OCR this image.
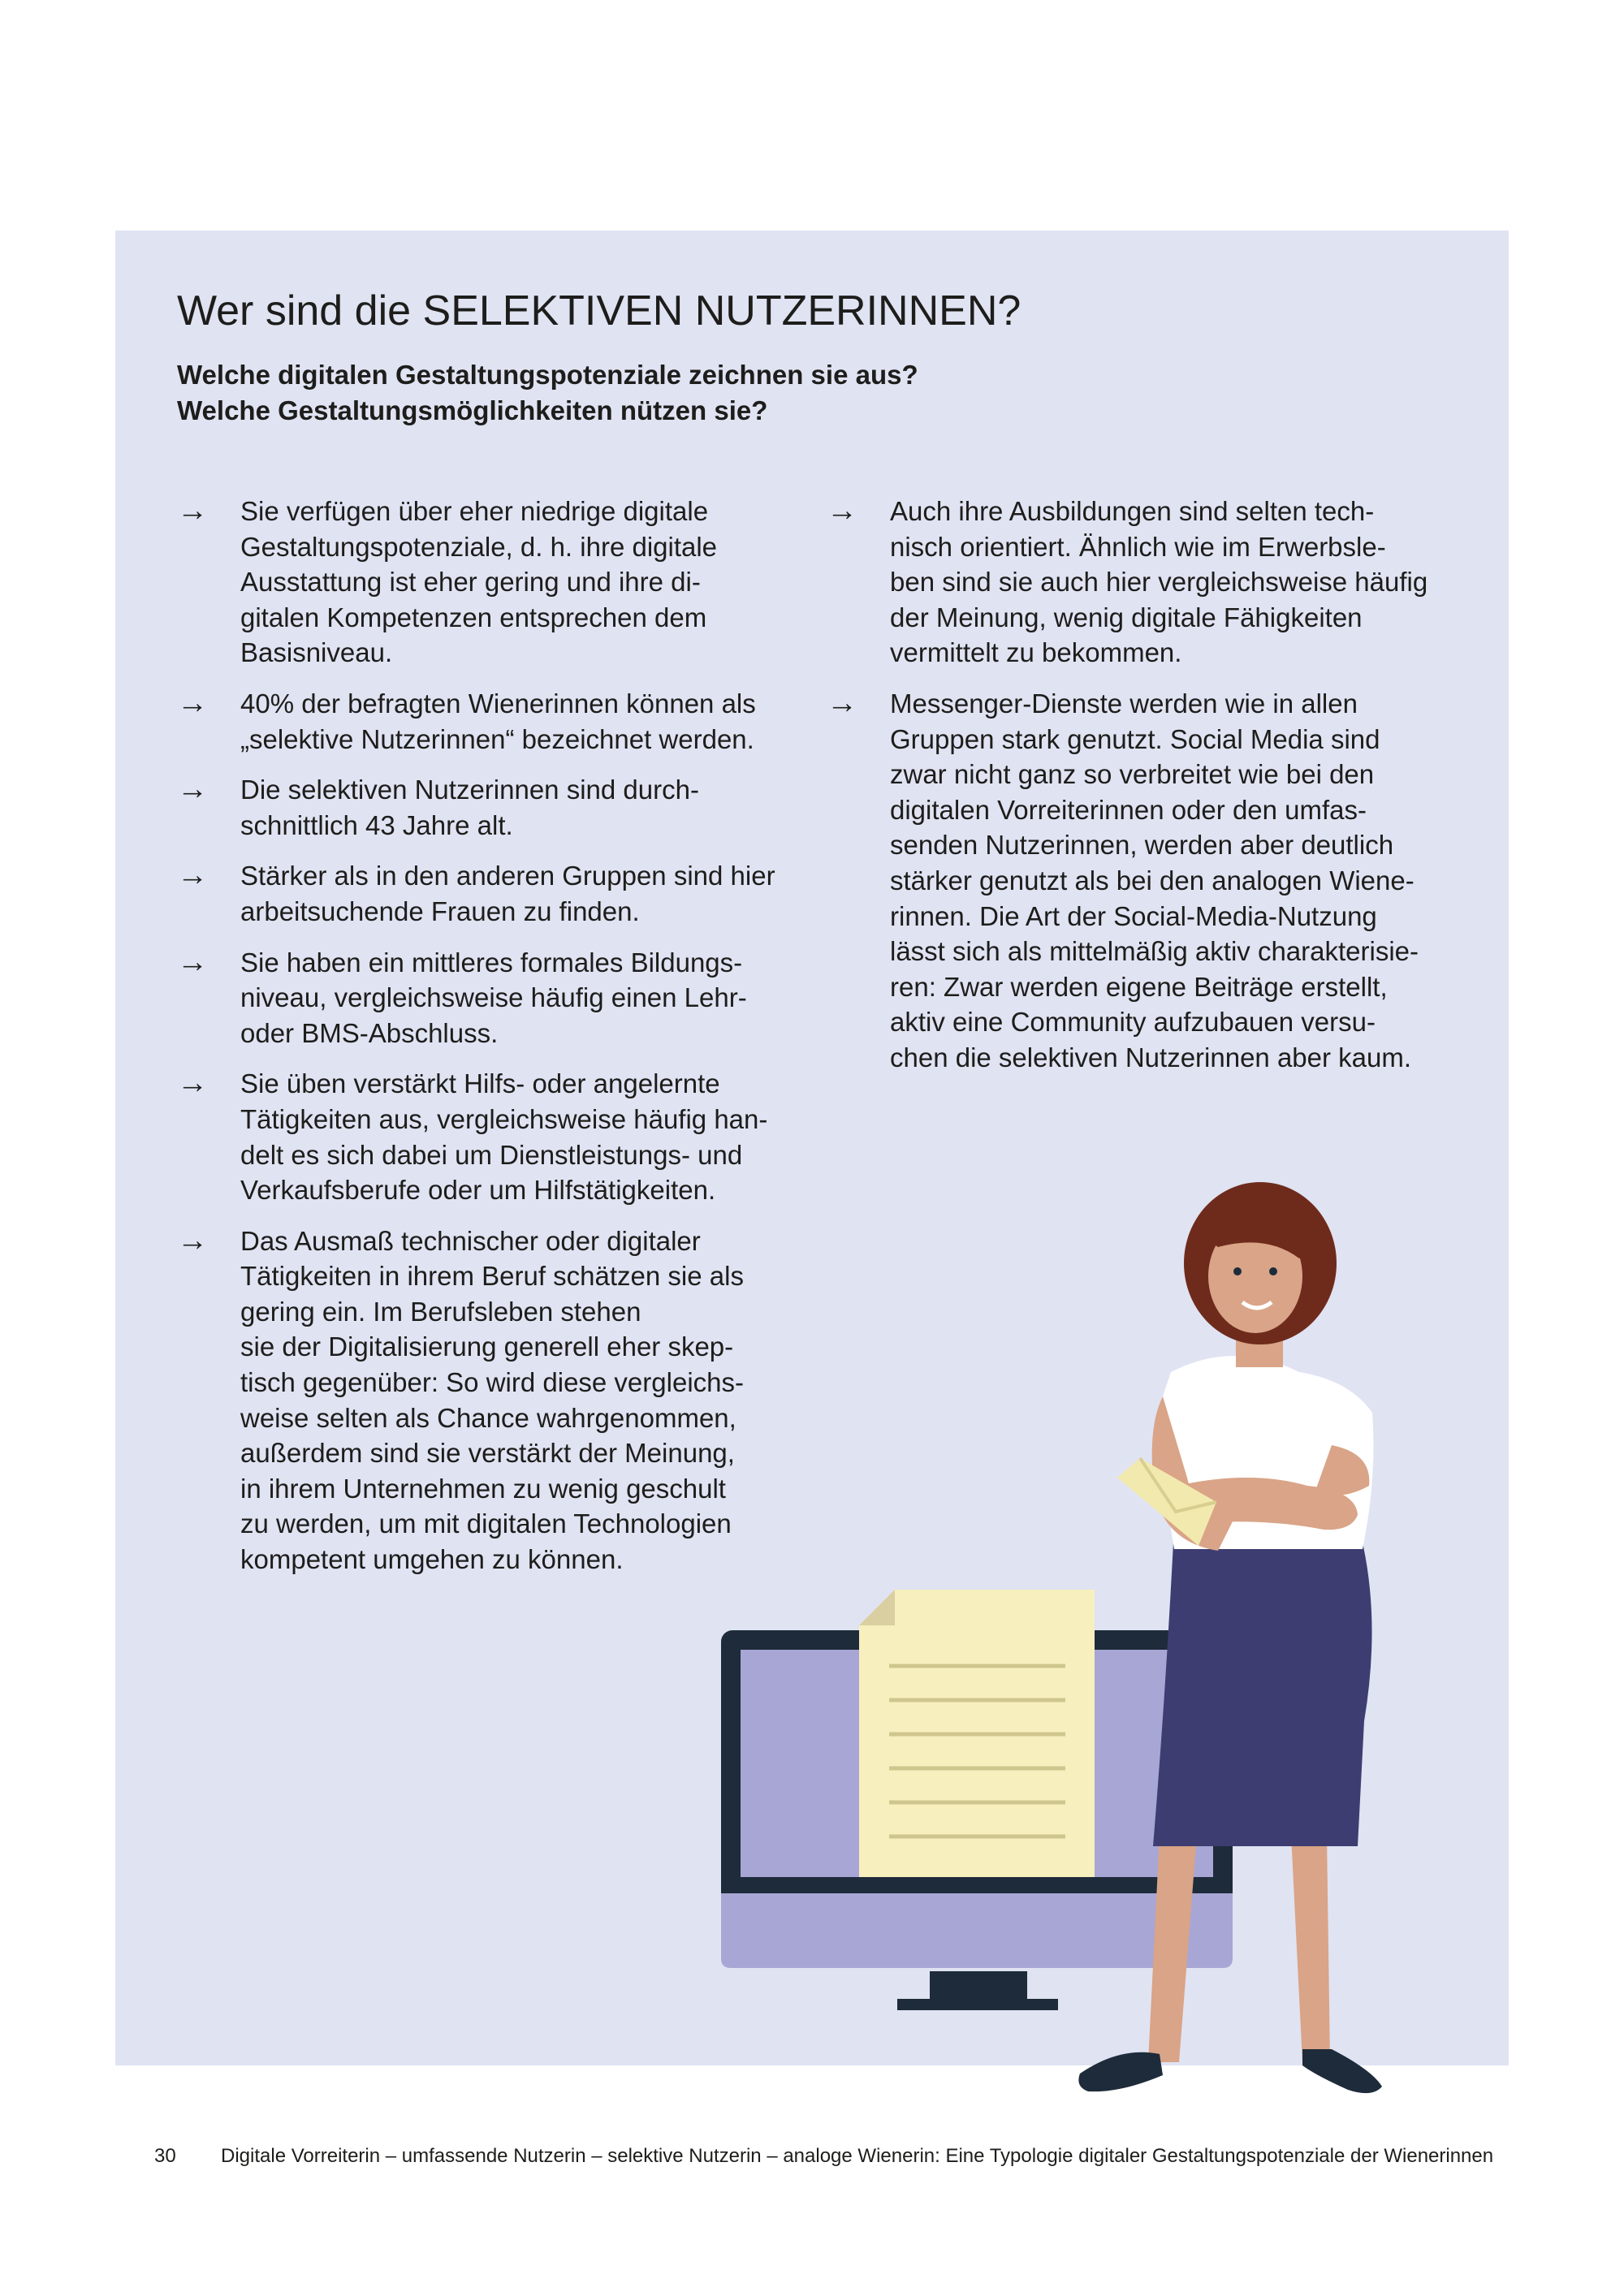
Wer sind die SELEKTIVEN NUTZERINNEN?
Welche digitalen Gestaltungspotenziale zeichnen sie aus?
Welche Gestaltungsmöglichkeiten nützen sie?
→ Sie verfügen über eher niedrige digitale
Gestaltungspotenziale, d. h. ihre digitale
Ausstattung ist eher gering und ihre di-
gitalen Kompetenzen entsprechen dem
Basisniveau.
→ 40% der befragten Wienerinnen können als
„selektive Nutzerinnen“ bezeichnet werden.
→ Die selektiven Nutzerinnen sind durch-
schnittlich 43 Jahre alt.
→ Stärker als in den anderen Gruppen sind hier
arbeitsuchende Frauen zu finden.
→ Sie haben ein mittleres formales Bildungs-
niveau, vergleichsweise häufig einen Lehr-
oder BMS-Abschluss.
→ Sie üben verstärkt Hilfs- oder angelernte
Tätigkeiten aus, vergleichsweise häufig han-
delt es sich dabei um Dienstleistungs- und
Verkaufsberufe oder um Hilfstätigkeiten.
→ Das Ausmaß technischer oder digitaler
Tätigkeiten in ihrem Beruf schätzen sie als
gering ein. Im Berufsleben stehen
sie der Digitalisierung generell eher skep-
tisch gegenüber: So wird diese vergleichs-
weise selten als Chance wahrgenommen,
außerdem sind sie verstärkt der Meinung,
in ihrem Unternehmen zu wenig geschult
zu werden, um mit digitalen Technologien
kompetent umgehen zu können.
→ Auch ihre Ausbildungen sind selten tech-
nisch orientiert. Ähnlich wie im Erwerbsle-
ben sind sie auch hier vergleichsweise häufig
der Meinung, wenig digitale Fähigkeiten
vermittelt zu bekommen.
→ Messenger-Dienste werden wie in allen
Gruppen stark genutzt. Social Media sind
zwar nicht ganz so verbreitet wie bei den
digitalen Vorreiterinnen oder den umfas-
senden Nutzerinnen, werden aber deutlich
stärker genutzt als bei den analogen Wiene-
rinnen. Die Art der Social-Media-Nutzung
lässt sich als mittelmäßig aktiv charakterisie-
ren: Zwar werden eigene Beiträge erstellt,
aktiv eine Community aufzubauen versu-
chen die selektiven Nutzerinnen aber kaum.
30 Digitale Vorreiterin – umfassende Nutzerin – selektive Nutzerin – analoge Wienerin: Eine Typologie digitaler Gestaltungspotenziale der Wienerinnen
